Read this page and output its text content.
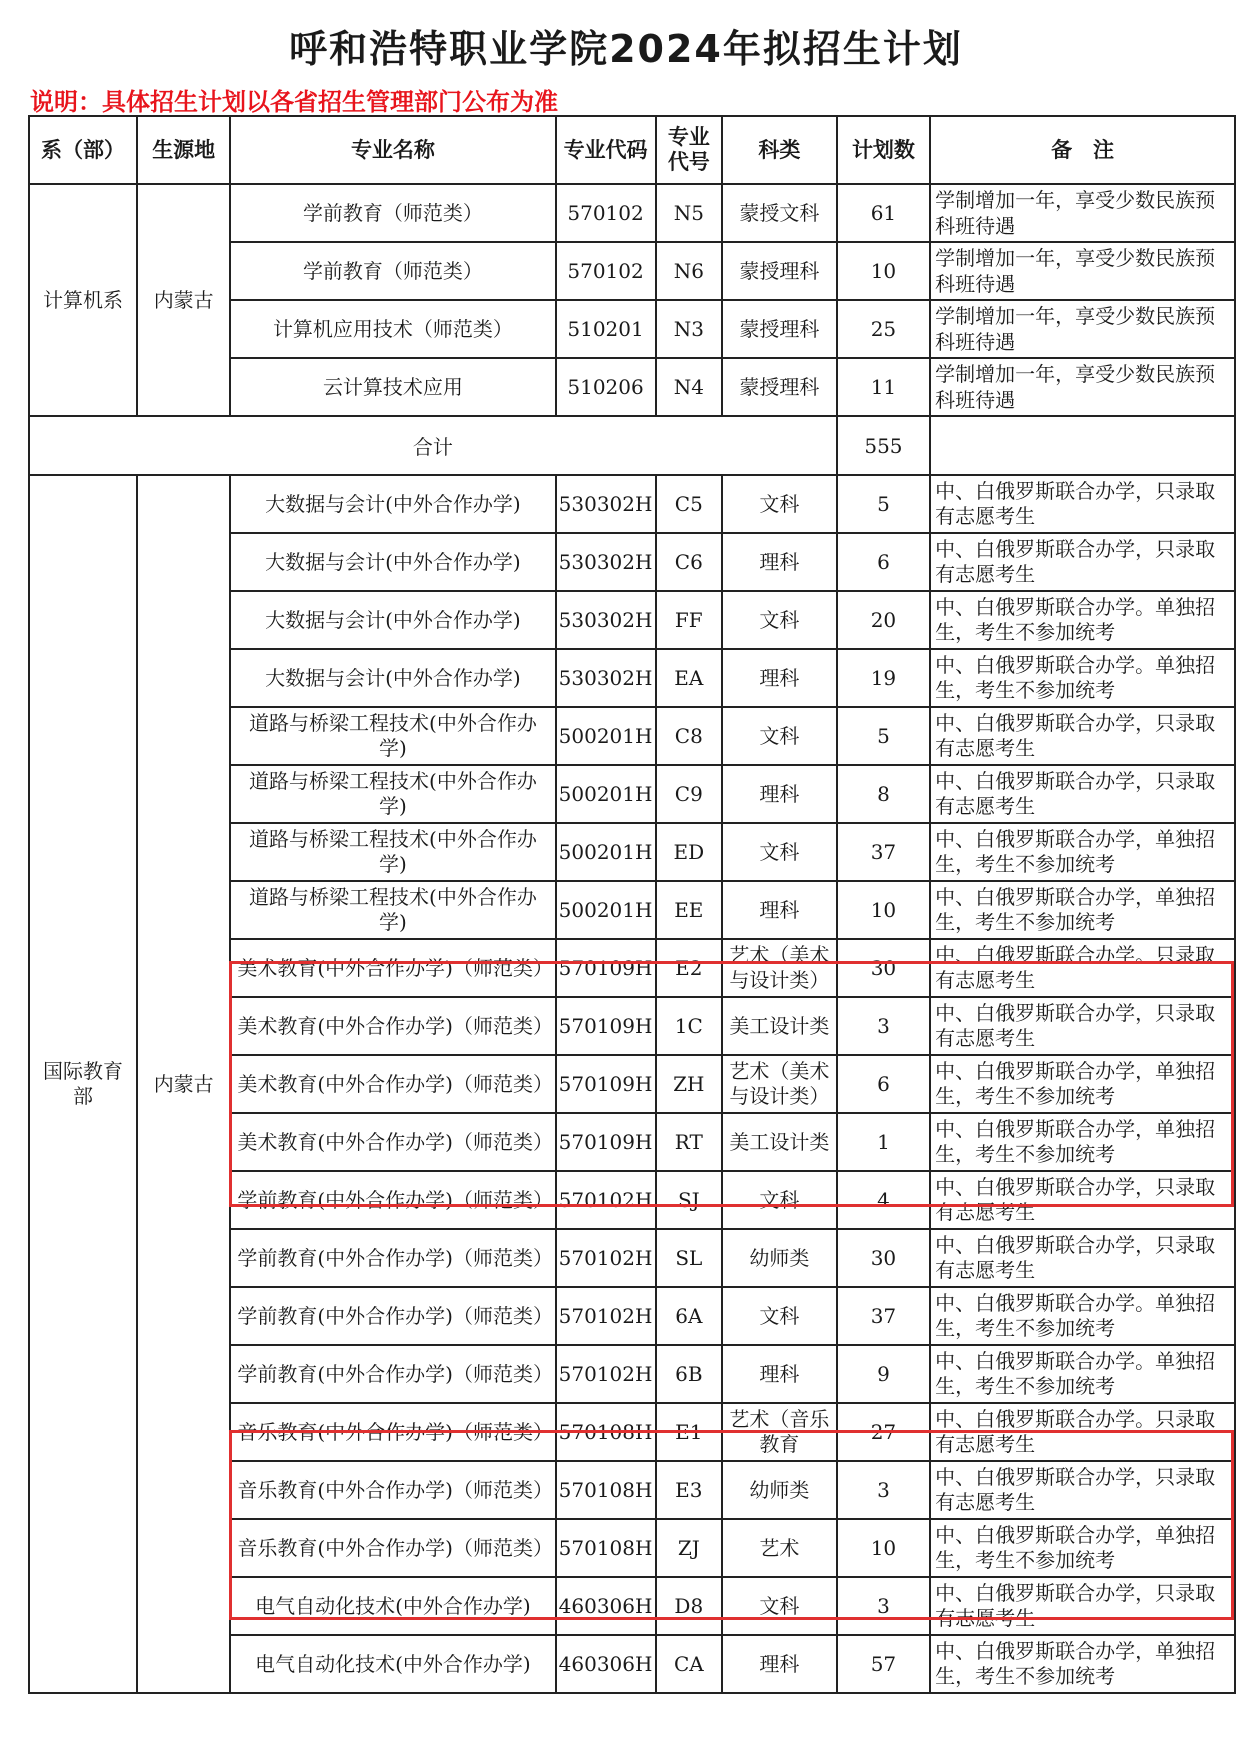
呼和浩特职业学院2024年拟招生计划
说明：具体招生计划以各省招生管理部门公布为准
系（部）	生源地	专业名称	专业代码	专业代号	科类	计划数	备　注
计算机系	内蒙古	学前教育（师范类）	570102	N5	蒙授文科	61	学制增加一年，享受少数民族预科班待遇
		学前教育（师范类）	570102	N6	蒙授理科	10	学制增加一年，享受少数民族预科班待遇
		计算机应用技术（师范类）	510201	N3	蒙授理科	25	学制增加一年，享受少数民族预科班待遇
		云计算技术应用	510206	N4	蒙授理科	11	学制增加一年，享受少数民族预科班待遇
合计						555	
国际教育部	内蒙古	大数据与会计(中外合作办学)	530302H	C5	文科	5	中、白俄罗斯联合办学，只录取有志愿考生
		大数据与会计(中外合作办学)	530302H	C6	理科	6	中、白俄罗斯联合办学，只录取有志愿考生
		大数据与会计(中外合作办学)	530302H	FF	文科	20	中、白俄罗斯联合办学。单独招生，考生不参加统考
		大数据与会计(中外合作办学)	530302H	EA	理科	19	中、白俄罗斯联合办学。单独招生，考生不参加统考
		道路与桥梁工程技术(中外合作办学)	500201H	C8	文科	5	中、白俄罗斯联合办学，只录取有志愿考生
		道路与桥梁工程技术(中外合作办学)	500201H	C9	理科	8	中、白俄罗斯联合办学，只录取有志愿考生
		道路与桥梁工程技术(中外合作办学)	500201H	ED	文科	37	中、白俄罗斯联合办学，单独招生，考生不参加统考
		道路与桥梁工程技术(中外合作办学)	500201H	EE	理科	10	中、白俄罗斯联合办学，单独招生，考生不参加统考
		美术教育(中外合作办学)（师范类）	570109H	E2	艺术（美术与设计类）	30	中、白俄罗斯联合办学。只录取有志愿考生
		美术教育(中外合作办学)（师范类）	570109H	1C	美工设计类	3	中、白俄罗斯联合办学，只录取有志愿考生
		美术教育(中外合作办学)（师范类）	570109H	ZH	艺术（美术与设计类）	6	中、白俄罗斯联合办学，单独招生，考生不参加统考
		美术教育(中外合作办学)（师范类）	570109H	RT	美工设计类	1	中、白俄罗斯联合办学，单独招生，考生不参加统考
		学前教育(中外合作办学)（师范类）	570102H	SJ	文科	4	中、白俄罗斯联合办学，只录取有志愿考生
		学前教育(中外合作办学)（师范类）	570102H	SL	幼师类	30	中、白俄罗斯联合办学，只录取有志愿考生
		学前教育(中外合作办学)（师范类）	570102H	6A	文科	37	中、白俄罗斯联合办学。单独招生，考生不参加统考
		学前教育(中外合作办学)（师范类）	570102H	6B	理科	9	中、白俄罗斯联合办学。单独招生，考生不参加统考
		音乐教育(中外合作办学)（师范类）	570108H	E1	艺术（音乐教育	27	中、白俄罗斯联合办学。只录取有志愿考生
		音乐教育(中外合作办学)（师范类）	570108H	E3	幼师类	3	中、白俄罗斯联合办学，只录取有志愿考生
		音乐教育(中外合作办学)（师范类）	570108H	ZJ	艺术	10	中、白俄罗斯联合办学，单独招生，考生不参加统考
		电气自动化技术(中外合作办学)	460306H	D8	文科	3	中、白俄罗斯联合办学，只录取有志愿考生
		电气自动化技术(中外合作办学)	460306H	CA	理科	57	中、白俄罗斯联合办学，单独招生，考生不参加统考
